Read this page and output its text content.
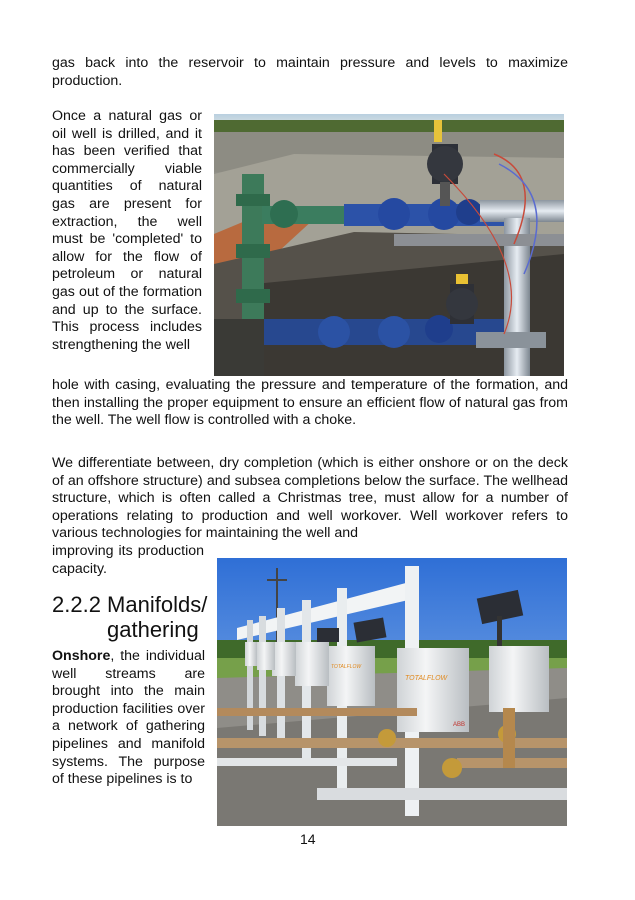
gas back into the reservoir to maintain pressure and levels to maximize production.

Once a natural gas or oil well is drilled, and it has been verified that commercially viable quantities of natural gas are present for extraction, the well must be 'completed' to allow for the flow of petroleum or natural gas out of the formation and up to the surface. This process includes strengthening the well

hole with casing, evaluating the pressure and temperature of the formation, and then installing the proper equipment to ensure an efficient flow of natural gas from the well. The well flow is controlled with a choke.

We differentiate between, dry completion (which is either onshore or on the deck of an offshore structure) and subsea completions below the surface. The wellhead structure, which is often called a Christmas tree, must allow for a number of operations relating to production and well workover. Well workover refers to various technologies for maintaining the well and

improving its production capacity.

2.2.2 Manifolds/
gathering

Onshore, the individual well streams are brought into the main production facilities over a network of gathering pipelines and manifold systems. The purpose of these pipelines is to

TOTALFLOW
ABB
TOTALFLOW
14
